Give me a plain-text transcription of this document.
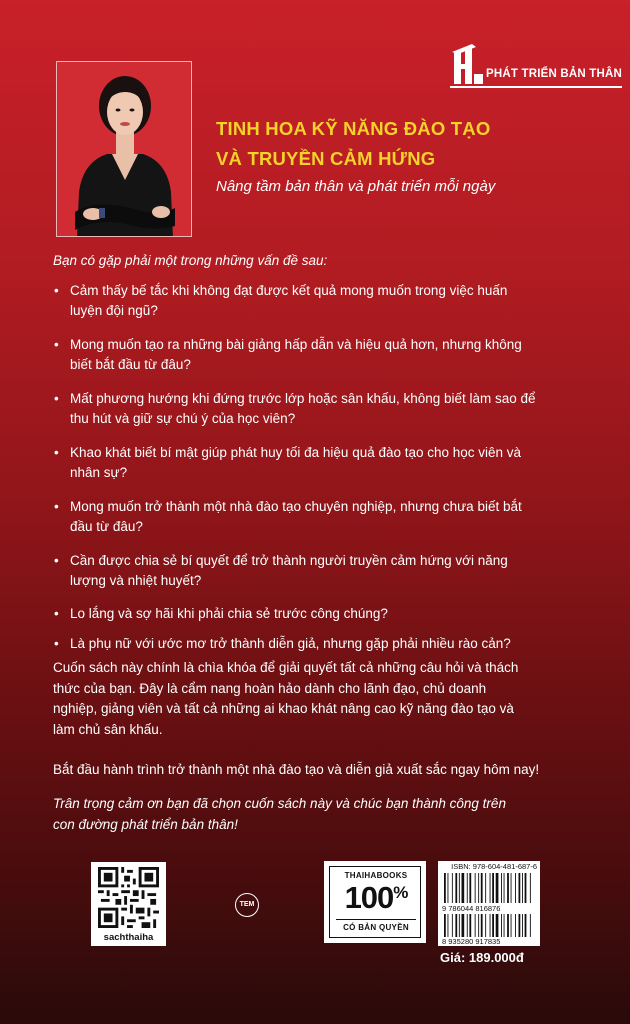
PHÁT TRIỂN BẢN THÂN
TINH HOA KỸ NĂNG ĐÀO TẠO
VÀ TRUYỀN CẢM HỨNG
Nâng tầm bản thân và phát triển mỗi ngày
Bạn có gặp phải một trong những vấn đề sau:
• Cảm thấy bế tắc khi không đạt được kết quả mong muốn trong việc huấn
luyện đội ngũ?
• Mong muốn tạo ra những bài giảng hấp dẫn và hiệu quả hơn, nhưng không
biết bắt đầu từ đâu?
• Mất phương hướng khi đứng trước lớp hoặc sân khấu, không biết làm sao để
thu hút và giữ sự chú ý của học viên?
• Khao khát biết bí mật giúp phát huy tối đa hiệu quả đào tạo cho học viên và
nhân sự?
• Mong muốn trở thành một nhà đào tạo chuyên nghiệp, nhưng chưa biết bắt
đầu từ đâu?
• Cần được chia sẻ bí quyết để trở thành người truyền cảm hứng với năng
lượng và nhiệt huyết?
• Lo lắng và sợ hãi khi phải chia sẻ trước công chúng?
• Là phụ nữ với ước mơ trở thành diễn giả, nhưng gặp phải nhiều rào cản?
Cuốn sách này chính là chìa khóa để giải quyết tất cả những câu hỏi và thách
thức của bạn. Đây là cẩm nang hoàn hảo dành cho lãnh đạo, chủ doanh
nghiệp, giảng viên và tất cả những ai khao khát nâng cao kỹ năng đào tạo và
làm chủ sân khấu.
Bắt đầu hành trình trở thành một nhà đào tạo và diễn giả xuất sắc ngay hôm nay!
Trân trọng cảm ơn bạn đã chọn cuốn sách này và chúc bạn thành công trên
con đường phát triển bản thân!
sachthaiha
TEM
THAIHABOOKS
100%
CÓ BẢN QUYỀN
ISBN: 978-604-481-687-6
9 786044 816876
8 935280 917835
Giá: 189.000đ
